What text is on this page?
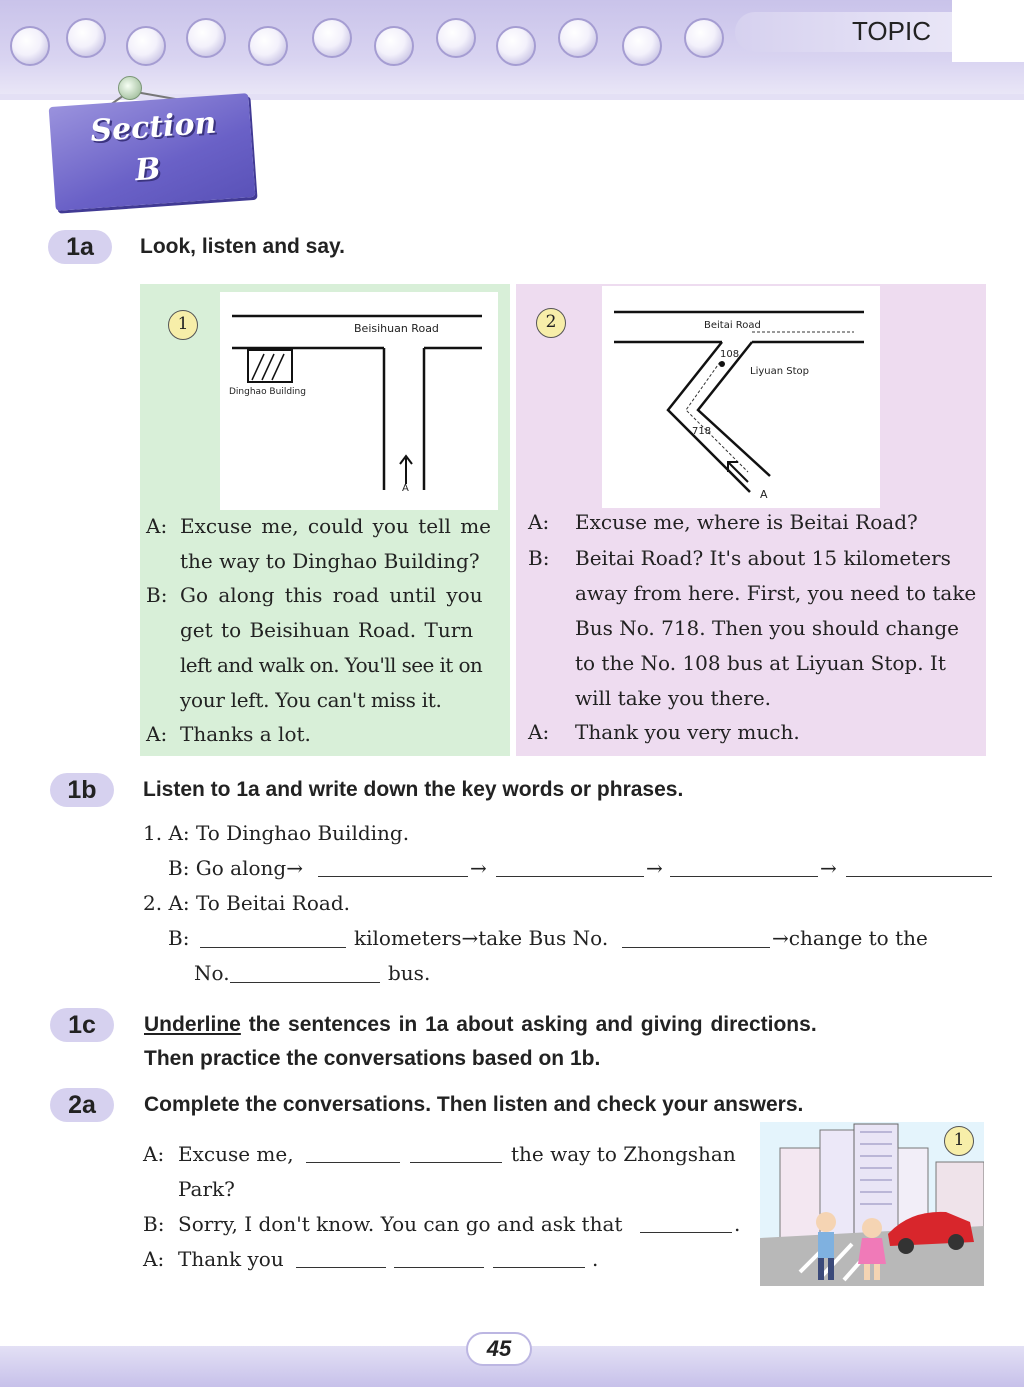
TOPIC
Section
B
1a	Look, listen and say.
1	Beisihuan Road
Dinghao Building
A
2	Beitai Road
108
Liyuan Stop
718
A
A: Excuse me, could you tell me
the way to Dinghao Building?
B: Go along this road until you
get to Beisihuan Road. Turn
left and walk on. You'll see it on
your left. You can't miss it.
A: Thanks a lot.
A: Excuse me, where is Beitai Road?
B: Beitai Road? It's about 15 kilometers
away from here. First, you need to take
Bus No. 718. Then you should change
to the No. 108 bus at Liyuan Stop. It
will take you there.
A: Thank you very much.
1b	Listen to 1a and write down the key words or phrases.
1. A: To Dinghao Building.
B: Go along→	→	→	→
2. A: To Beitai Road.
B:	kilometers→take Bus No.	→change to the
No.	bus.
1c	Underline the sentences in 1a about asking and giving directions.
Then practice the conversations based on 1b.
2a	Complete the conversations. Then listen and check your answers.
A: Excuse me,	the way to Zhongshan
Park?
B: Sorry, I don't know. You can go and ask that	.
A: Thank you	.
1
45
